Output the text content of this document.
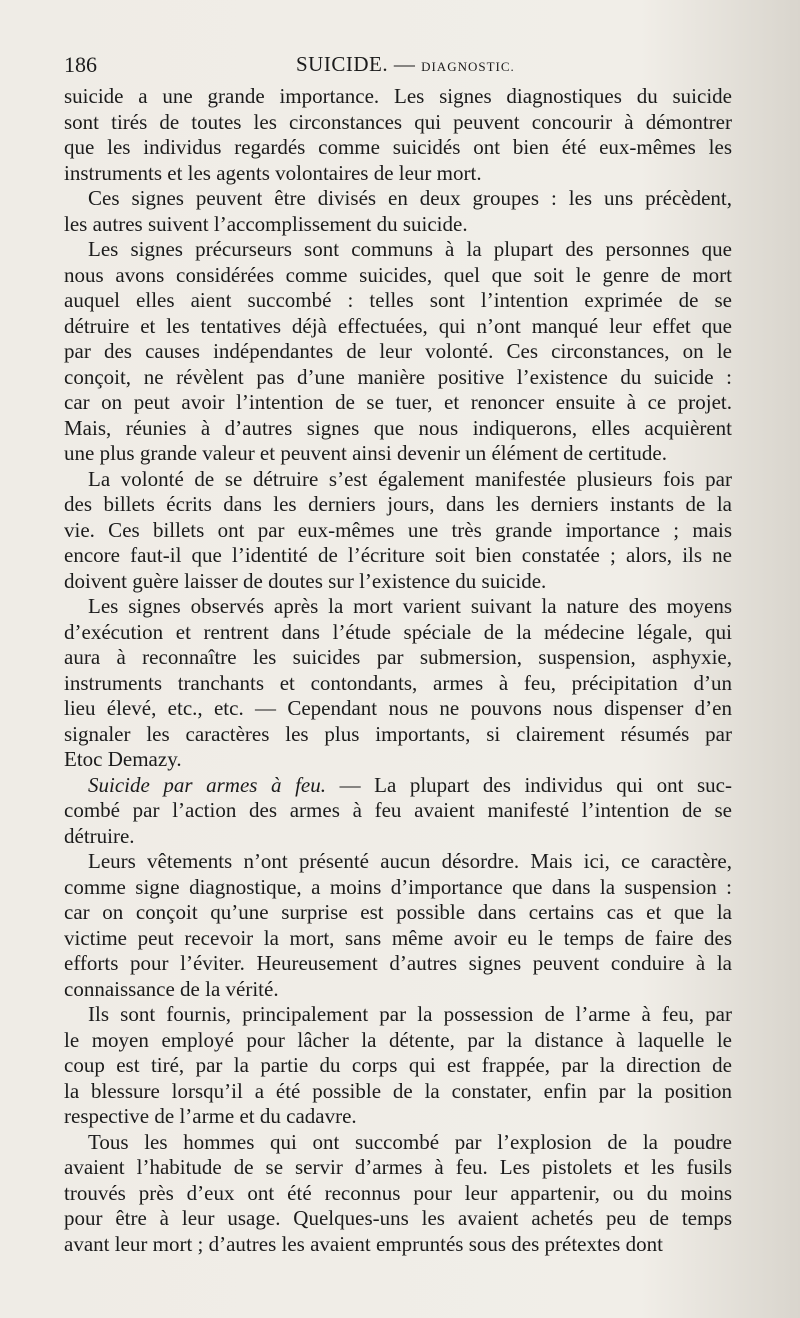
186	SUICIDE. — DIAGNOSTIC.

suicide a une grande importance. Les signes diagnostiques du suicide
sont tirés de toutes les circonstances qui peuvent concourir à démontrer
que les individus regardés comme suicidés ont bien été eux-mêmes les
instruments et les agents volontaires de leur mort.

Ces signes peuvent être divisés en deux groupes : les uns précèdent,
les autres suivent l’accomplissement du suicide.

Les signes précurseurs sont communs à la plupart des personnes que
nous avons considérées comme suicides, quel que soit le genre de mort
auquel elles aient succombé : telles sont l’intention exprimée de se
détruire et les tentatives déjà effectuées, qui n’ont manqué leur effet que
par des causes indépendantes de leur volonté. Ces circonstances, on le
conçoit, ne révèlent pas d’une manière positive l’existence du suicide :
car on peut avoir l’intention de se tuer, et renoncer ensuite à ce projet.
Mais, réunies à d’autres signes que nous indiquerons, elles acquièrent
une plus grande valeur et peuvent ainsi devenir un élément de certitude.

La volonté de se détruire s’est également manifestée plusieurs fois par
des billets écrits dans les derniers jours, dans les derniers instants de la
vie. Ces billets ont par eux-mêmes une très grande importance ; mais
encore faut-il que l’identité de l’écriture soit bien constatée ; alors, ils ne
doivent guère laisser de doutes sur l’existence du suicide.

Les signes observés après la mort varient suivant la nature des moyens
d’exécution et rentrent dans l’étude spéciale de la médecine légale, qui
aura à reconnaître les suicides par submersion, suspension, asphyxie,
instruments tranchants et contondants, armes à feu, précipitation d’un
lieu élevé, etc., etc. — Cependant nous ne pouvons nous dispenser d’en
signaler les caractères les plus importants, si clairement résumés par
Etoc Demazy.

Suicide par armes à feu. — La plupart des individus qui ont suc-
combé par l’action des armes à feu avaient manifesté l’intention de se
détruire.

Leurs vêtements n’ont présenté aucun désordre. Mais ici, ce caractère,
comme signe diagnostique, a moins d’importance que dans la suspension :
car on conçoit qu’une surprise est possible dans certains cas et que la
victime peut recevoir la mort, sans même avoir eu le temps de faire des
efforts pour l’éviter. Heureusement d’autres signes peuvent conduire à la
connaissance de la vérité.

Ils sont fournis, principalement par la possession de l’arme à feu, par
le moyen employé pour lâcher la détente, par la distance à laquelle le
coup est tiré, par la partie du corps qui est frappée, par la direction de
la blessure lorsqu’il a été possible de la constater, enfin par la position
respective de l’arme et du cadavre.

Tous les hommes qui ont succombé par l’explosion de la poudre
avaient l’habitude de se servir d’armes à feu. Les pistolets et les fusils
trouvés près d’eux ont été reconnus pour leur appartenir, ou du moins
pour être à leur usage. Quelques-uns les avaient achetés peu de temps
avant leur mort ; d’autres les avaient empruntés sous des prétextes dont
